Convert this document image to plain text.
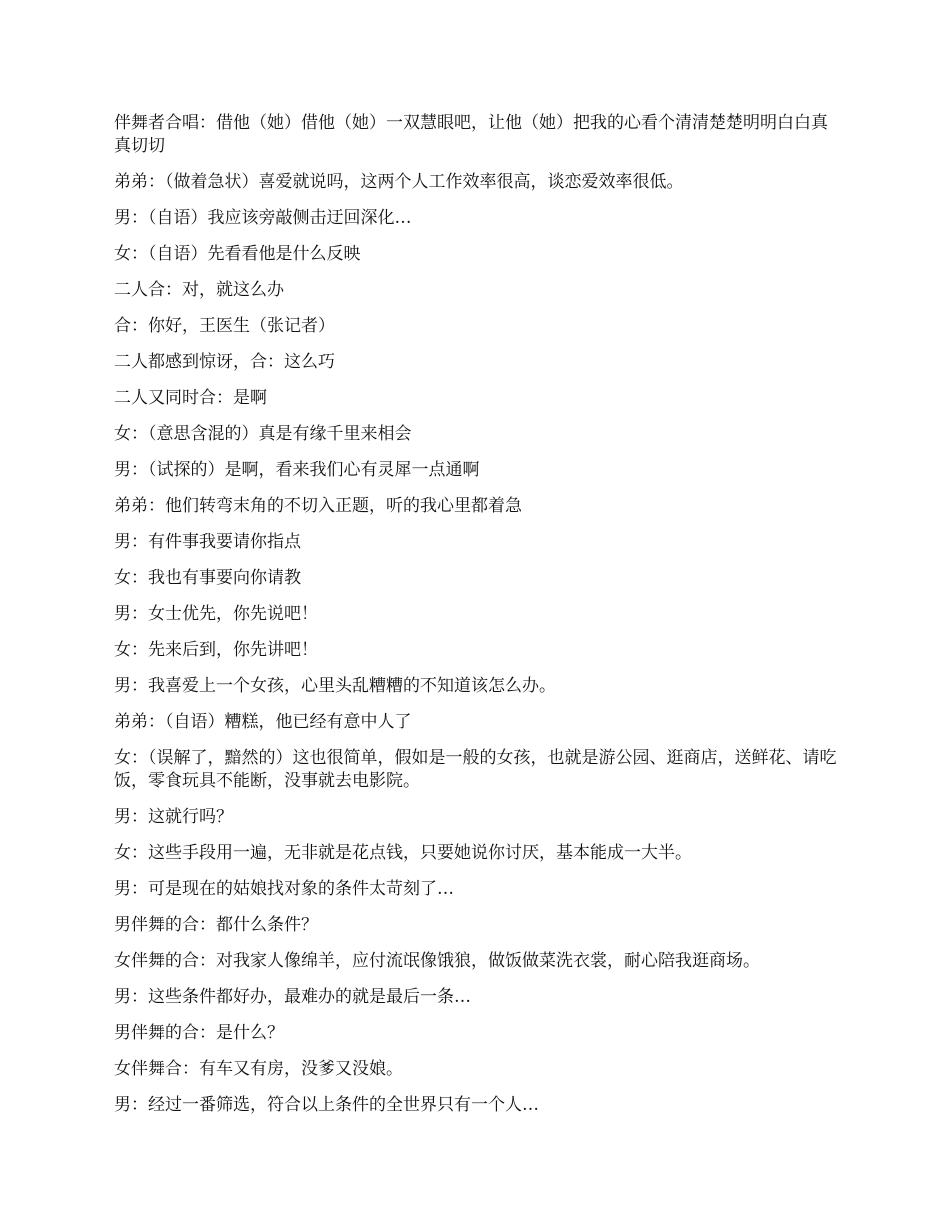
伴舞者合唱：借他（她）借他（她）一双慧眼吧，让他（她）把我的心看个清清楚楚明明白白真真切切

弟弟：（做着急状）喜爱就说吗，这两个人工作效率很高，谈恋爱效率很低。

男：（自语）我应该旁敲侧击迂回深化…

女：（自语）先看看他是什么反映

二人合：对，就这么办

合：你好，王医生（张记者）

二人都感到惊讶，合：这么巧

二人又同时合：是啊

女：（意思含混的）真是有缘千里来相会

男：（试探的）是啊，看来我们心有灵犀一点通啊

弟弟：他们转弯末角的不切入正题，听的我心里都着急

男：有件事我要请你指点

女：我也有事要向你请教

男：女士优先，你先说吧！

女：先来后到，你先讲吧！

男：我喜爱上一个女孩，心里头乱糟糟的不知道该怎么办。

弟弟：（自语）糟糕，他已经有意中人了

女：（误解了，黯然的）这也很简单，假如是一般的女孩，也就是游公园、逛商店，送鲜花、请吃饭，零食玩具不能断，没事就去电影院。

男：这就行吗？

女：这些手段用一遍，无非就是花点钱，只要她说你讨厌，基本能成一大半。

男：可是现在的姑娘找对象的条件太苛刻了…

男伴舞的合：都什么条件？

女伴舞的合：对我家人像绵羊，应付流氓像饿狼，做饭做菜洗衣裳，耐心陪我逛商场。

男：这些条件都好办，最难办的就是最后一条…

男伴舞的合：是什么？

女伴舞合：有车又有房，没爹又没娘。

男：经过一番筛选，符合以上条件的全世界只有一个人…
